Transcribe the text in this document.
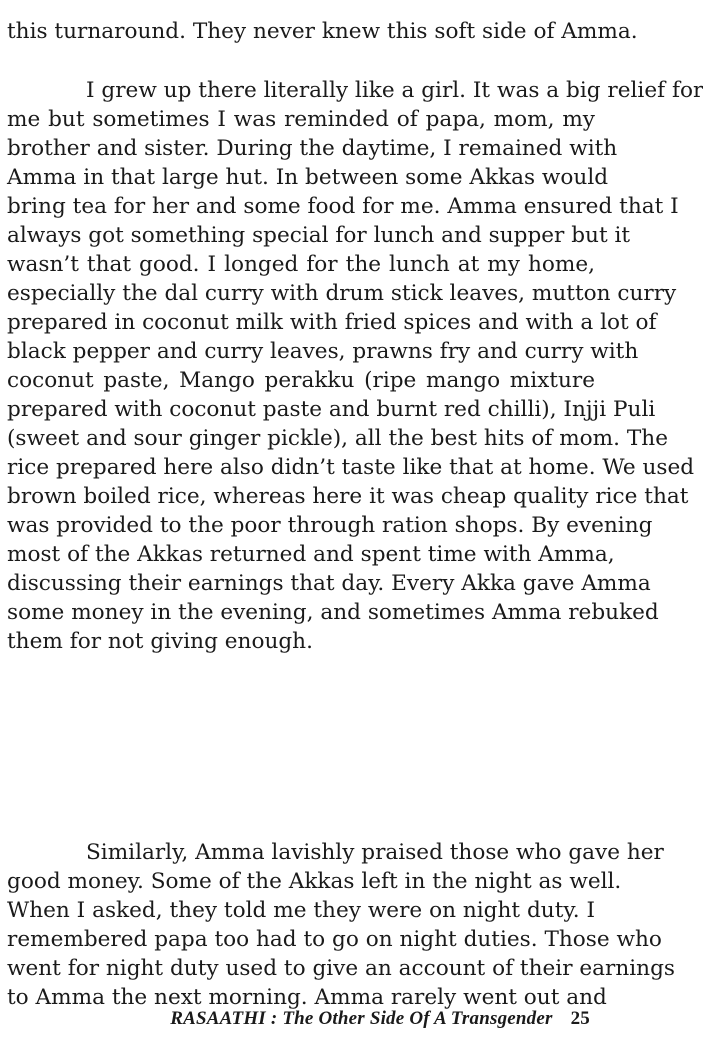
this turnaround. They never knew this soft side of Amma.
I grew up there literally like a girl. It was a big relief for
me but sometimes I was reminded of papa, mom, my
brother and sister. During the daytime, I remained with
Amma in that large hut. In between some Akkas would
bring tea for her and some food for me. Amma ensured that I
always got something special for lunch and supper but it
wasn’t that good. I longed for the lunch at my home,
especially the dal curry with drum stick leaves, mutton curry
prepared in coconut milk with fried spices and with a lot of
black pepper and curry leaves, prawns fry and curry with
coconut paste, Mango perakku (ripe mango mixture
prepared with coconut paste and burnt red chilli), Injji Puli
(sweet and sour ginger pickle), all the best hits of mom. The
rice prepared here also didn’t taste like that at home. We used
brown boiled rice, whereas here it was cheap quality rice that
was provided to the poor through ration shops. By evening
most of the Akkas returned and spent time with Amma,
discussing their earnings that day. Every Akka gave Amma
some money in the evening, and sometimes Amma rebuked
them for not giving enough.
Similarly, Amma lavishly praised those who gave her
good money. Some of the Akkas left in the night as well.
When I asked, they told me they were on night duty. I
remembered papa too had to go on night duties. Those who
went for night duty used to give an account of their earnings
to Amma the next morning. Amma rarely went out and
RASAATHI : The Other Side Of A Transgender 25
